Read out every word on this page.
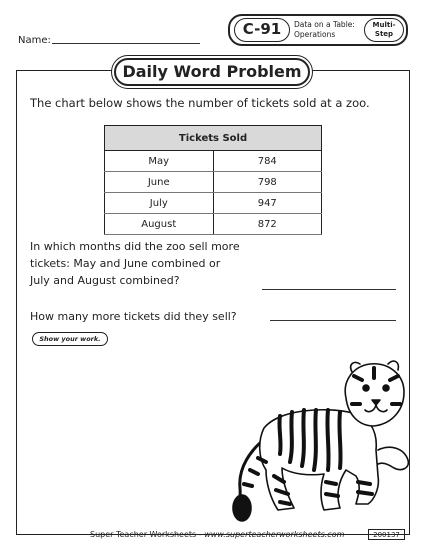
Name:
C-91	Data on a Table:
Operations
Multi-
Step
Daily Word Problem
The chart below shows the number of tickets sold at a zoo.
Tickets Sold	
May	784
June	798
July	947
August	872
In which months did the zoo sell more
tickets: May and June combined or
July and August combined?
How many more tickets did they sell?
Show your work.
Super Teacher Worksheets - www.superteacherworksheets.com	200137
